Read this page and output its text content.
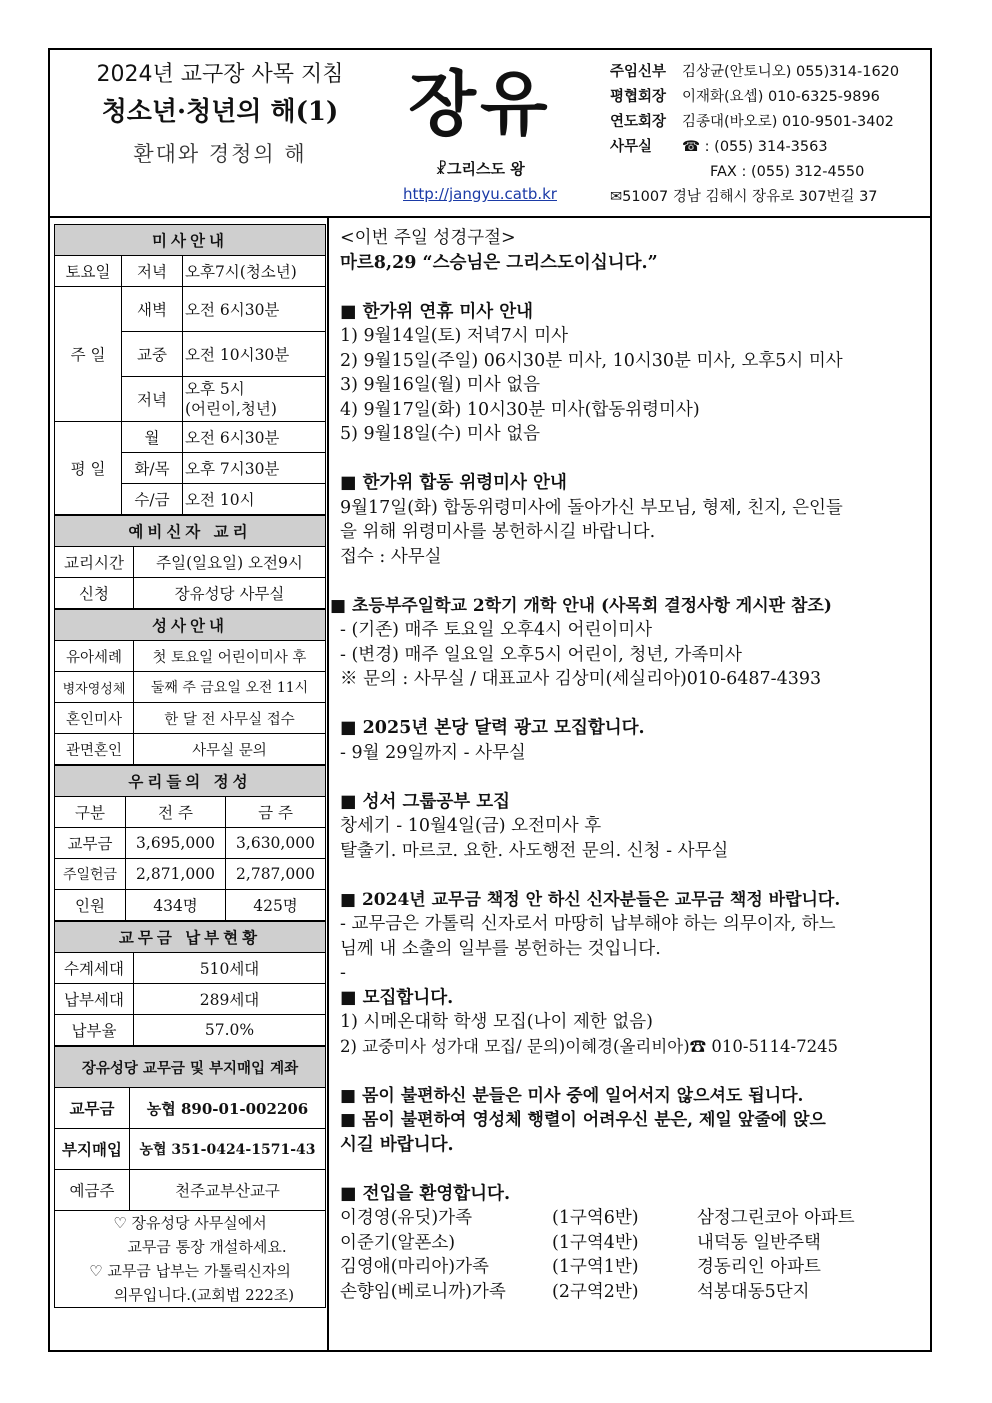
2024년 교구장 사목 지침
청소년·청년의 해(1)
환대와 경청의 해
장유
☧그리스도 왕
http://jangyu.catb.kr
주임신부 김상균(안토니오) 055)314-1620
평협회장 이재화(요셉) 010-6325-9896
연도회장 김종대(바오로) 010-9501-3402
사무실 ☎ : (055) 314-3563
FAX : (055) 312-4550
✉51007 경남 김해시 장유로 307번길 37
미사안내		
토요일	저녁	오후7시(청소년)
주 일	새벽	오전 6시30분
	교중	오전 10시30분
	저녁	오후 5시
(어린이,청년)
평 일	월	오전 6시30분
	화/목	오후 7시30분
	수/금	오전 10시
예비신자 교리	
교리시간	주일(일요일) 오전9시
신청	장유성당 사무실
성사안내	
유아세례	첫 토요일 어린이미사 후
병자영성체	둘째 주 금요일 오전 11시
혼인미사	한 달 전 사무실 접수
관면혼인	사무실 문의
우리들의 정성		
구분	전 주	금 주
교무금	3,695,000	3,630,000
주일헌금	2,871,000	2,787,000
인원	434명	425명
교무금 납부현황	
수계세대	510세대
납부세대	289세대
납부율	57.0%
장유성당 교무금 및 부지매입 계좌	
교무금	농협 890-01-002206
부지매입	농협 351-0424-1571-43
예금주	천주교부산교구

♡ 장유성당 사무실에서
교무금 통장 개설하세요.
♡ 교무금 납부는 가톨릭신자의
의무입니다.(교회법 222조)	
<이번 주일 성경구절>
마르8,29 “스승님은 그리스도이십니다.”
■ 한가위 연휴 미사 안내
1) 9월14일(토) 저녁7시 미사
2) 9월15일(주일) 06시30분 미사, 10시30분 미사, 오후5시 미사
3) 9월16일(월) 미사 없음
4) 9월17일(화) 10시30분 미사(합동위령미사)
5) 9월18일(수) 미사 없음
■ 한가위 합동 위령미사 안내
9월17일(화) 합동위령미사에 돌아가신 부모님, 형제, 친지, 은인들
을 위해 위령미사를 봉헌하시길 바랍니다.
접수 : 사무실
■ 초등부주일학교 2학기 개학 안내 (사목회 결정사항 게시판 참조)
- (기존) 매주 토요일 오후4시 어린이미사
- (변경) 매주 일요일 오후5시 어린이, 청년, 가족미사
※ 문의 : 사무실 / 대표교사 김상미(세실리아)010-6487-4393
■ 2025년 본당 달력 광고 모집합니다.
- 9월 29일까지 - 사무실
■ 성서 그룹공부 모집
창세기 - 10월4일(금) 오전미사 후
탈출기. 마르코. 요한. 사도행전 문의. 신청 - 사무실
■ 2024년 교무금 책정 안 하신 신자분들은 교무금 책정 바랍니다.
- 교무금은 가톨릭 신자로서 마땅히 납부해야 하는 의무이자, 하느
님께 내 소출의 일부를 봉헌하는 것입니다.
-
■ 모집합니다.
1) 시메온대학 학생 모집(나이 제한 없음)
2) 교중미사 성가대 모집/ 문의)이혜경(올리비아)☎ 010-5114-7245
■ 몸이 불편하신 분들은 미사 중에 일어서지 않으셔도 됩니다.
■ 몸이 불편하여 영성체 행렬이 어려우신 분은, 제일 앞줄에 앉으
시길 바랍니다.
■ 전입을 환영합니다.
이경영(유딧)가족	(1구역6반)	삼정그린코아 아파트
이준기(알폰소)	(1구역4반)	내덕동 일반주택
김영애(마리아)가족	(1구역1반)	경동리인 아파트
손향임(베로니까)가족	(2구역2반)	석봉대동5단지
